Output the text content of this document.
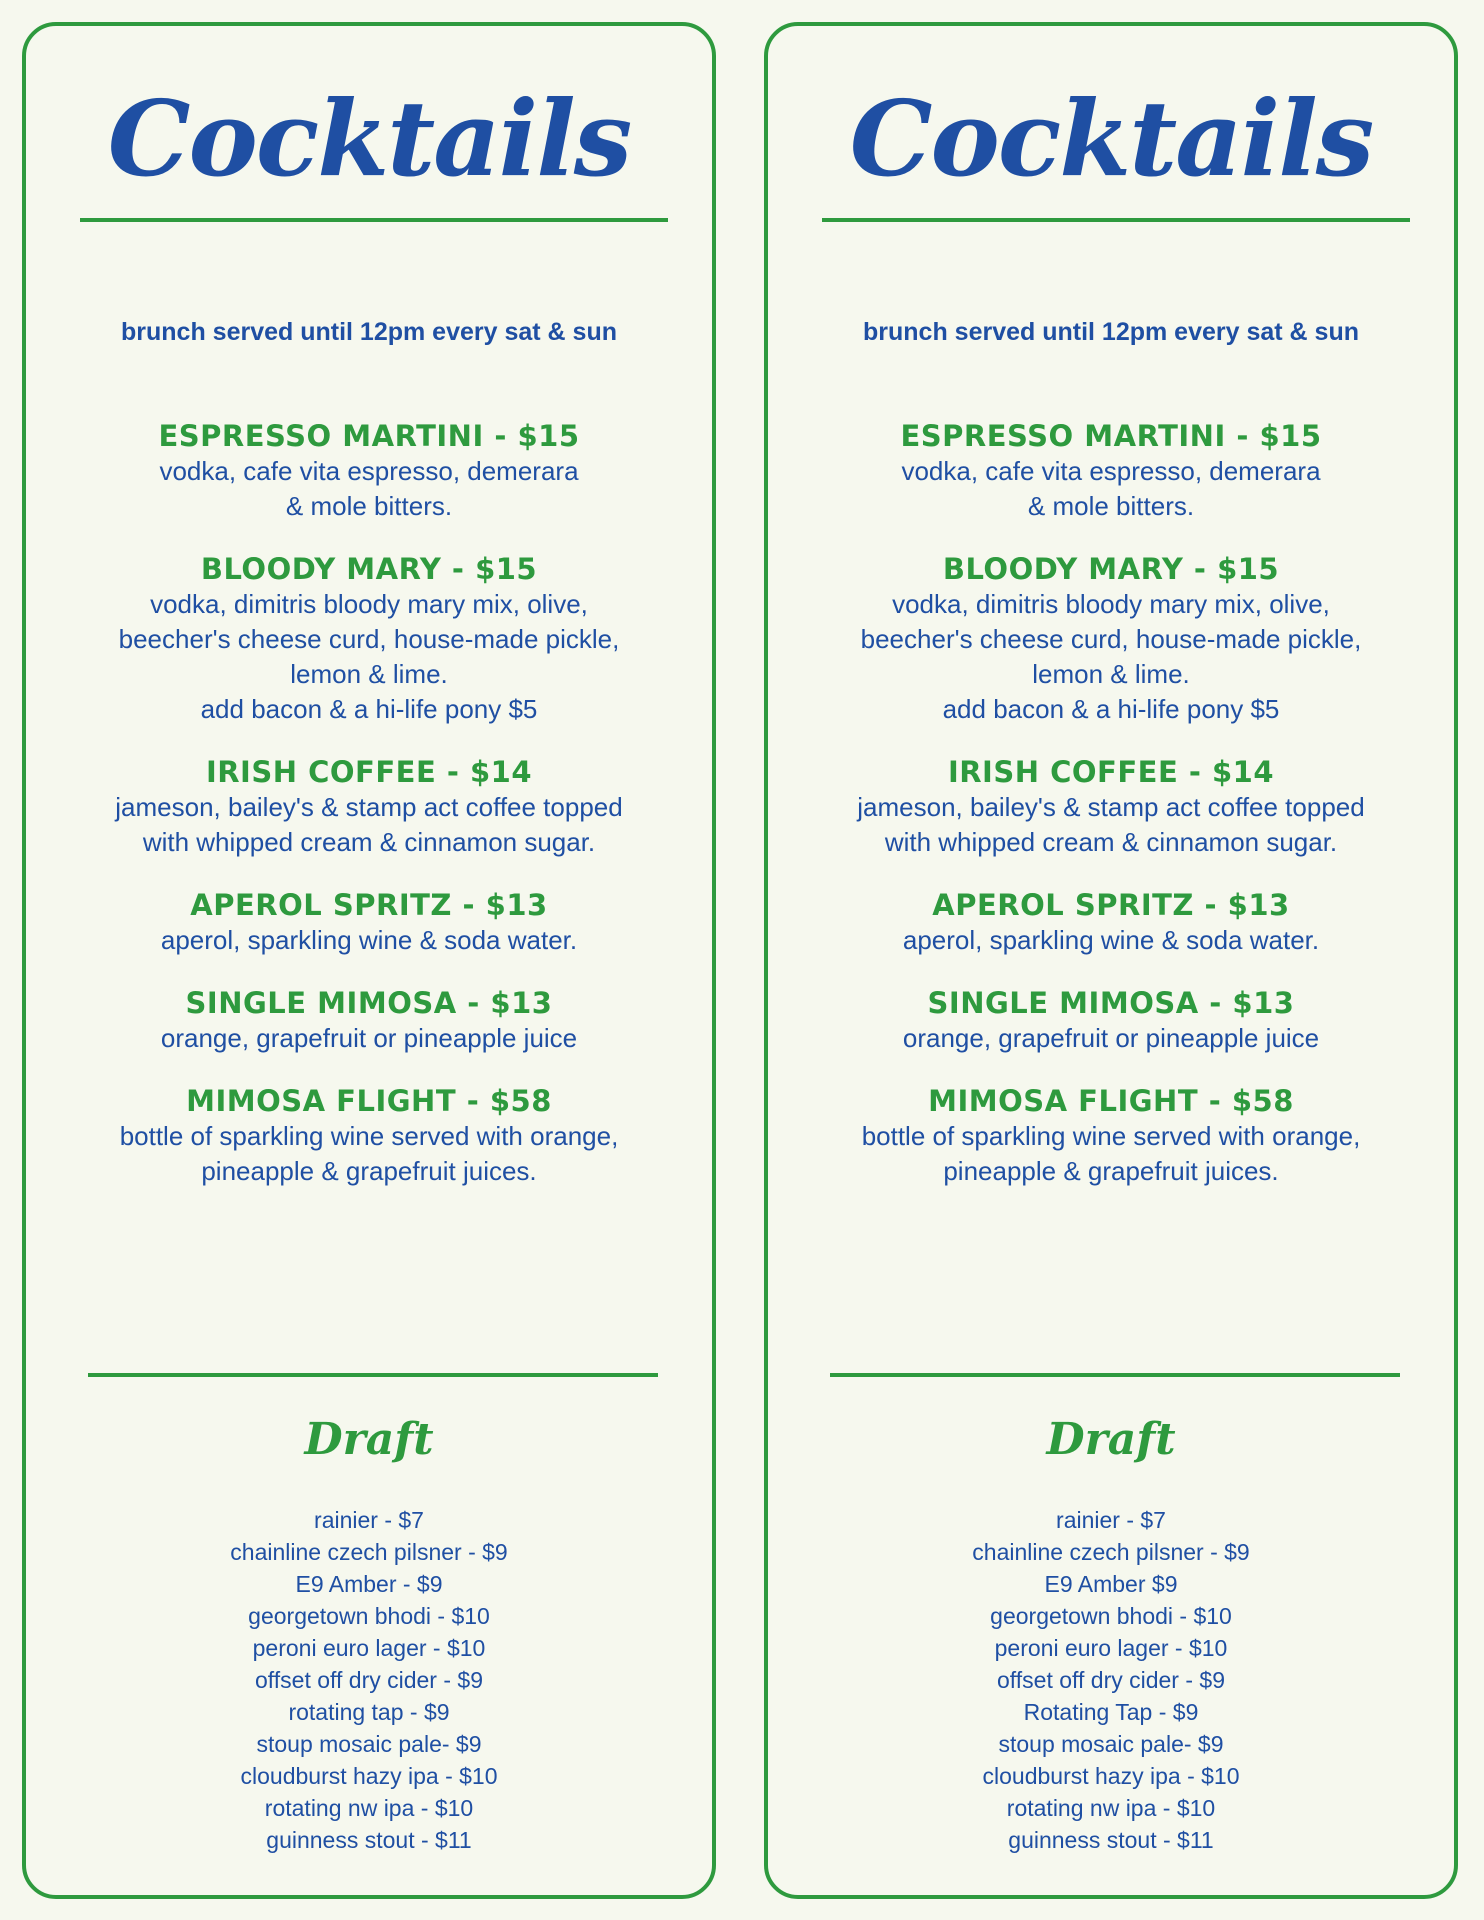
Cocktails
brunch served until 12pm every sat & sun
ESPRESSO MARTINI - $15
vodka, cafe vita espresso, demerara
& mole bitters.
BLOODY MARY - $15
vodka, dimitris bloody mary mix, olive,
beecher's cheese curd, house-made pickle,
lemon & lime.
add bacon & a hi-life pony $5
IRISH COFFEE - $14
jameson, bailey's & stamp act coffee topped
with whipped cream & cinnamon sugar.
APEROL SPRITZ - $13
aperol, sparkling wine & soda water.
SINGLE MIMOSA - $13
orange, grapefruit or pineapple juice
MIMOSA FLIGHT - $58
bottle of sparkling wine served with orange,
pineapple & grapefruit juices.
Draft
rainier - $7
chainline czech pilsner - $9
E9 Amber - $9
georgetown bhodi - $10
peroni euro lager - $10
offset off dry cider - $9
rotating tap - $9
stoup mosaic pale- $9
cloudburst hazy ipa - $10
rotating nw ipa - $10
guinness stout - $11
Cocktails
brunch served until 12pm every sat & sun
ESPRESSO MARTINI - $15
vodka, cafe vita espresso, demerara
& mole bitters.
BLOODY MARY - $15
vodka, dimitris bloody mary mix, olive,
beecher's cheese curd, house-made pickle,
lemon & lime.
add bacon & a hi-life pony $5
IRISH COFFEE - $14
jameson, bailey's & stamp act coffee topped
with whipped cream & cinnamon sugar.
APEROL SPRITZ - $13
aperol, sparkling wine & soda water.
SINGLE MIMOSA - $13
orange, grapefruit or pineapple juice
MIMOSA FLIGHT - $58
bottle of sparkling wine served with orange,
pineapple & grapefruit juices.
Draft
rainier - $7
chainline czech pilsner - $9
E9 Amber $9
georgetown bhodi - $10
peroni euro lager - $10
offset off dry cider - $9
Rotating Tap - $9
stoup mosaic pale- $9
cloudburst hazy ipa - $10
rotating nw ipa - $10
guinness stout - $11
